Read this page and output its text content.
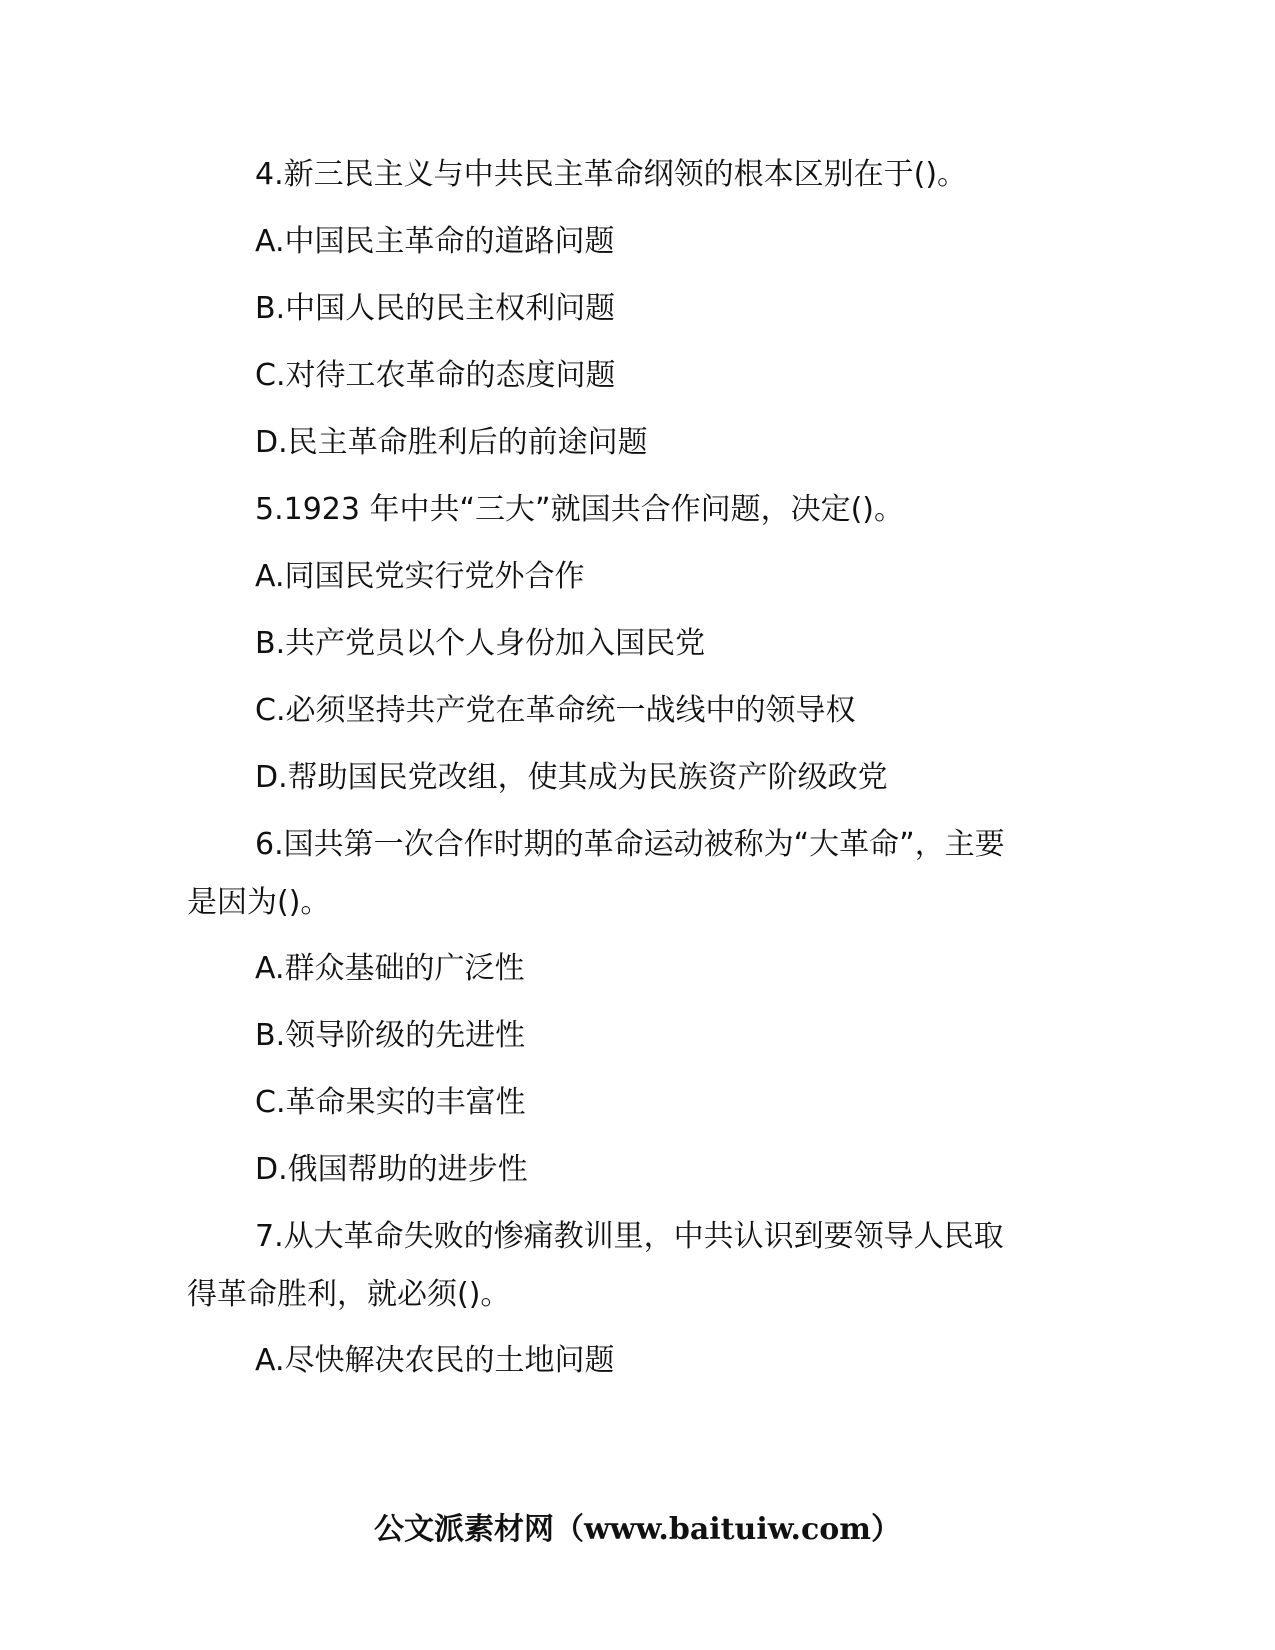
4.新三民主义与中共民主革命纲领的根本区别在于()。
A.中国民主革命的道路问题
B.中国人民的民主权利问题
C.对待工农革命的态度问题
D.民主革命胜利后的前途问题
5.1923 年中共“三大”就国共合作问题，决定()。
A.同国民党实行党外合作
B.共产党员以个人身份加入国民党
C.必须坚持共产党在革命统一战线中的领导权
D.帮助国民党改组，使其成为民族资产阶级政党
6.国共第一次合作时期的革命运动被称为“大革命”，主要
是因为()。
A.群众基础的广泛性
B.领导阶级的先进性
C.革命果实的丰富性
D.俄国帮助的进步性
7.从大革命失败的惨痛教训里，中共认识到要领导人民取
得革命胜利，就必须()。
A.尽快解决农民的土地问题
公文派素材网（www.baituiw.com）
